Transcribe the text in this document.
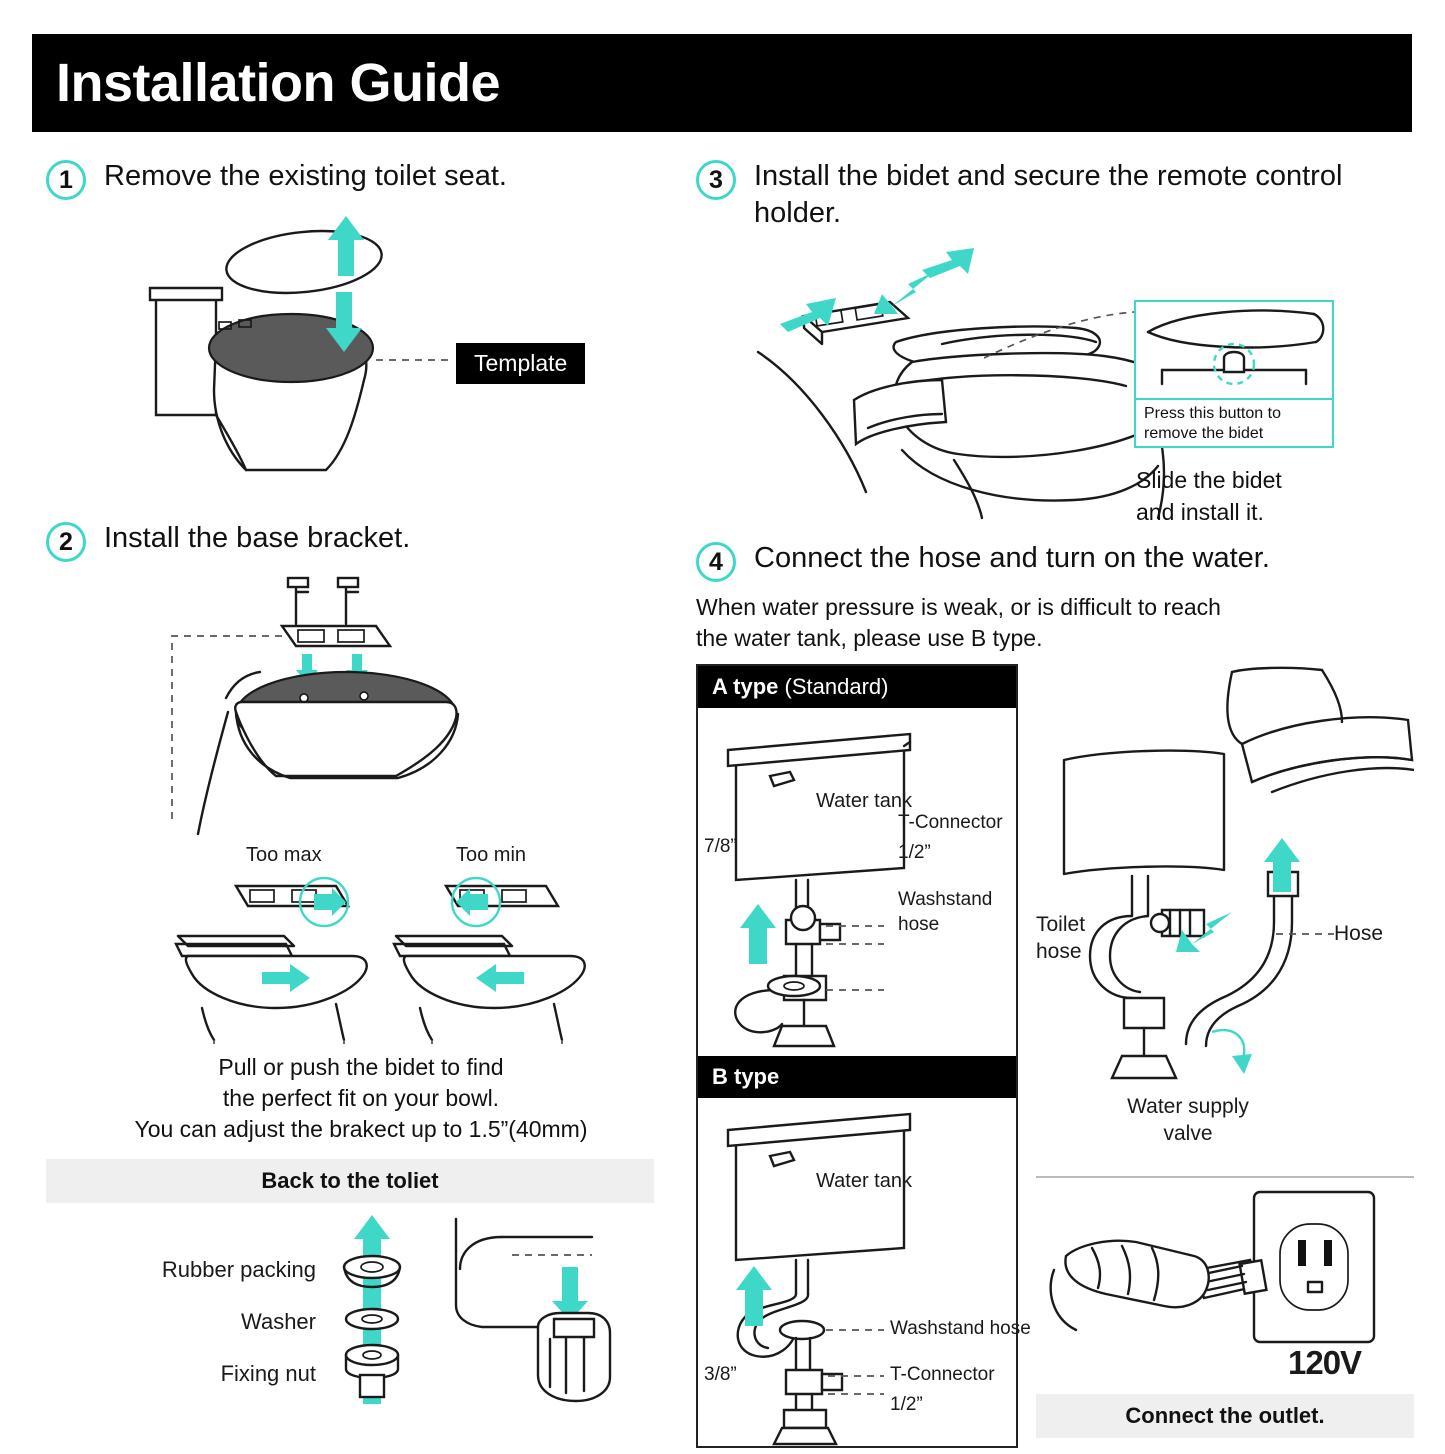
Installation Guide
1	Remove the existing toilet seat.
Template
2	Install the base bracket.
Too max	Too min
Pull or push the bidet to find
the perfect fit on your bowl.
You can adjust the brakect up to 1.5”(40mm)
Back to the toliet
Rubber packing
Washer
Fixing nut
3	Install the bidet and secure the remote control holder.
Press this button to
remove the bidet
Slide the bidet
and install it.
4	Connect the hose and turn on the water.
When water pressure is weak, or is difficult to reach
the water tank, please use B type.
A type (Standard)
T-Connector
1/2”
7/8”
Washstand
hose
Water tank
B type
Water tank
Washstand hose
T-Connector
1/2”
3/8”
Toilet
hose
Hose
Water supply
valve
120V
Connect the outlet.
